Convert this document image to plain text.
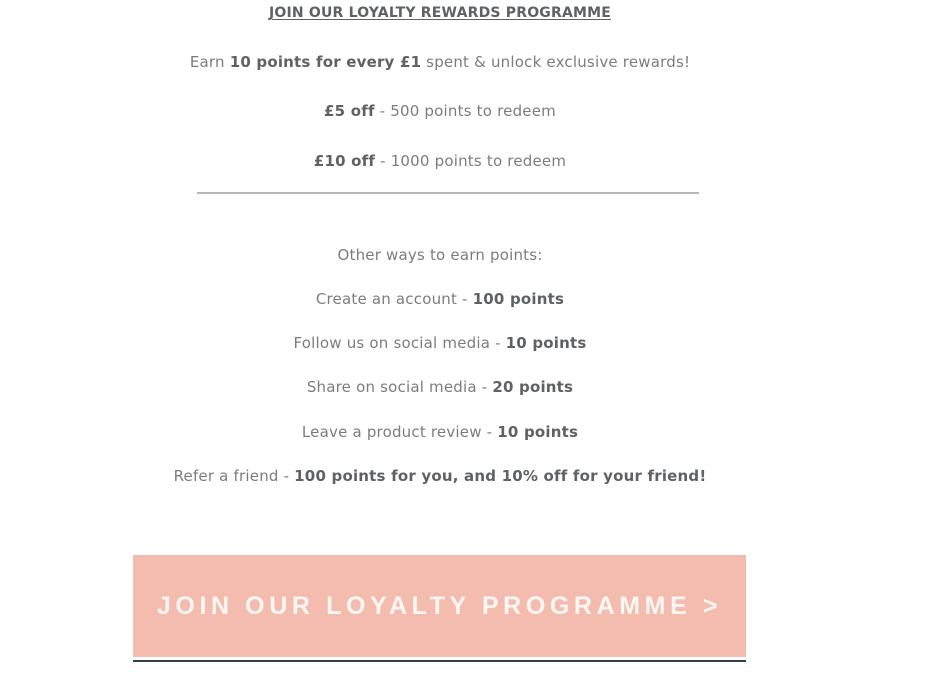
JOIN OUR LOYALTY REWARDS PROGRAMME
Earn 10 points for every £1 spent & unlock exclusive rewards!
£5 off - 500 points to redeem
£10 off - 1000 points to redeem
Other ways to earn points:
Create an account - 100 points
Follow us on social media - 10 points
Share on social media - 20 points
Leave a product review - 10 points
Refer a friend - 100 points for you, and 10% off for your friend!
JOIN OUR LOYALTY PROGRAMME >
